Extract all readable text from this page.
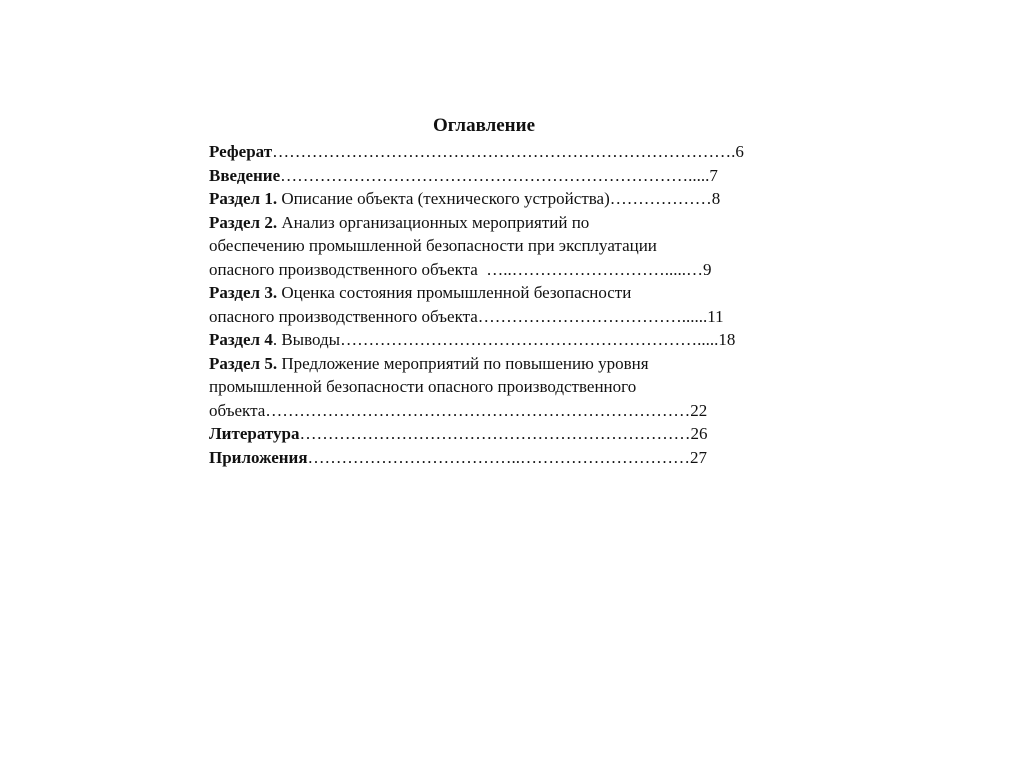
Оглавление
Реферат……………………………………………………………………….6
Введение……………………………………………………………….....7
Раздел 1. Описание объекта (технического устройства)………………8
Раздел 2. Анализ организационных мероприятий по
обеспечению промышленной безопасности при эксплуатации
опасного производственного объекта  …..……………………….....…9
Раздел 3. Оценка состояния промышленной безопасности
опасного производственного объекта………………………………......11
Раздел 4. Выводы……………………………………………………….....18
Раздел 5. Предложение мероприятий по повышению уровня
промышленной безопасности опасного производственного
объекта…………………………………………………………………22
Литература……………………………………………………………26
Приложения………………………………..…………………………27
